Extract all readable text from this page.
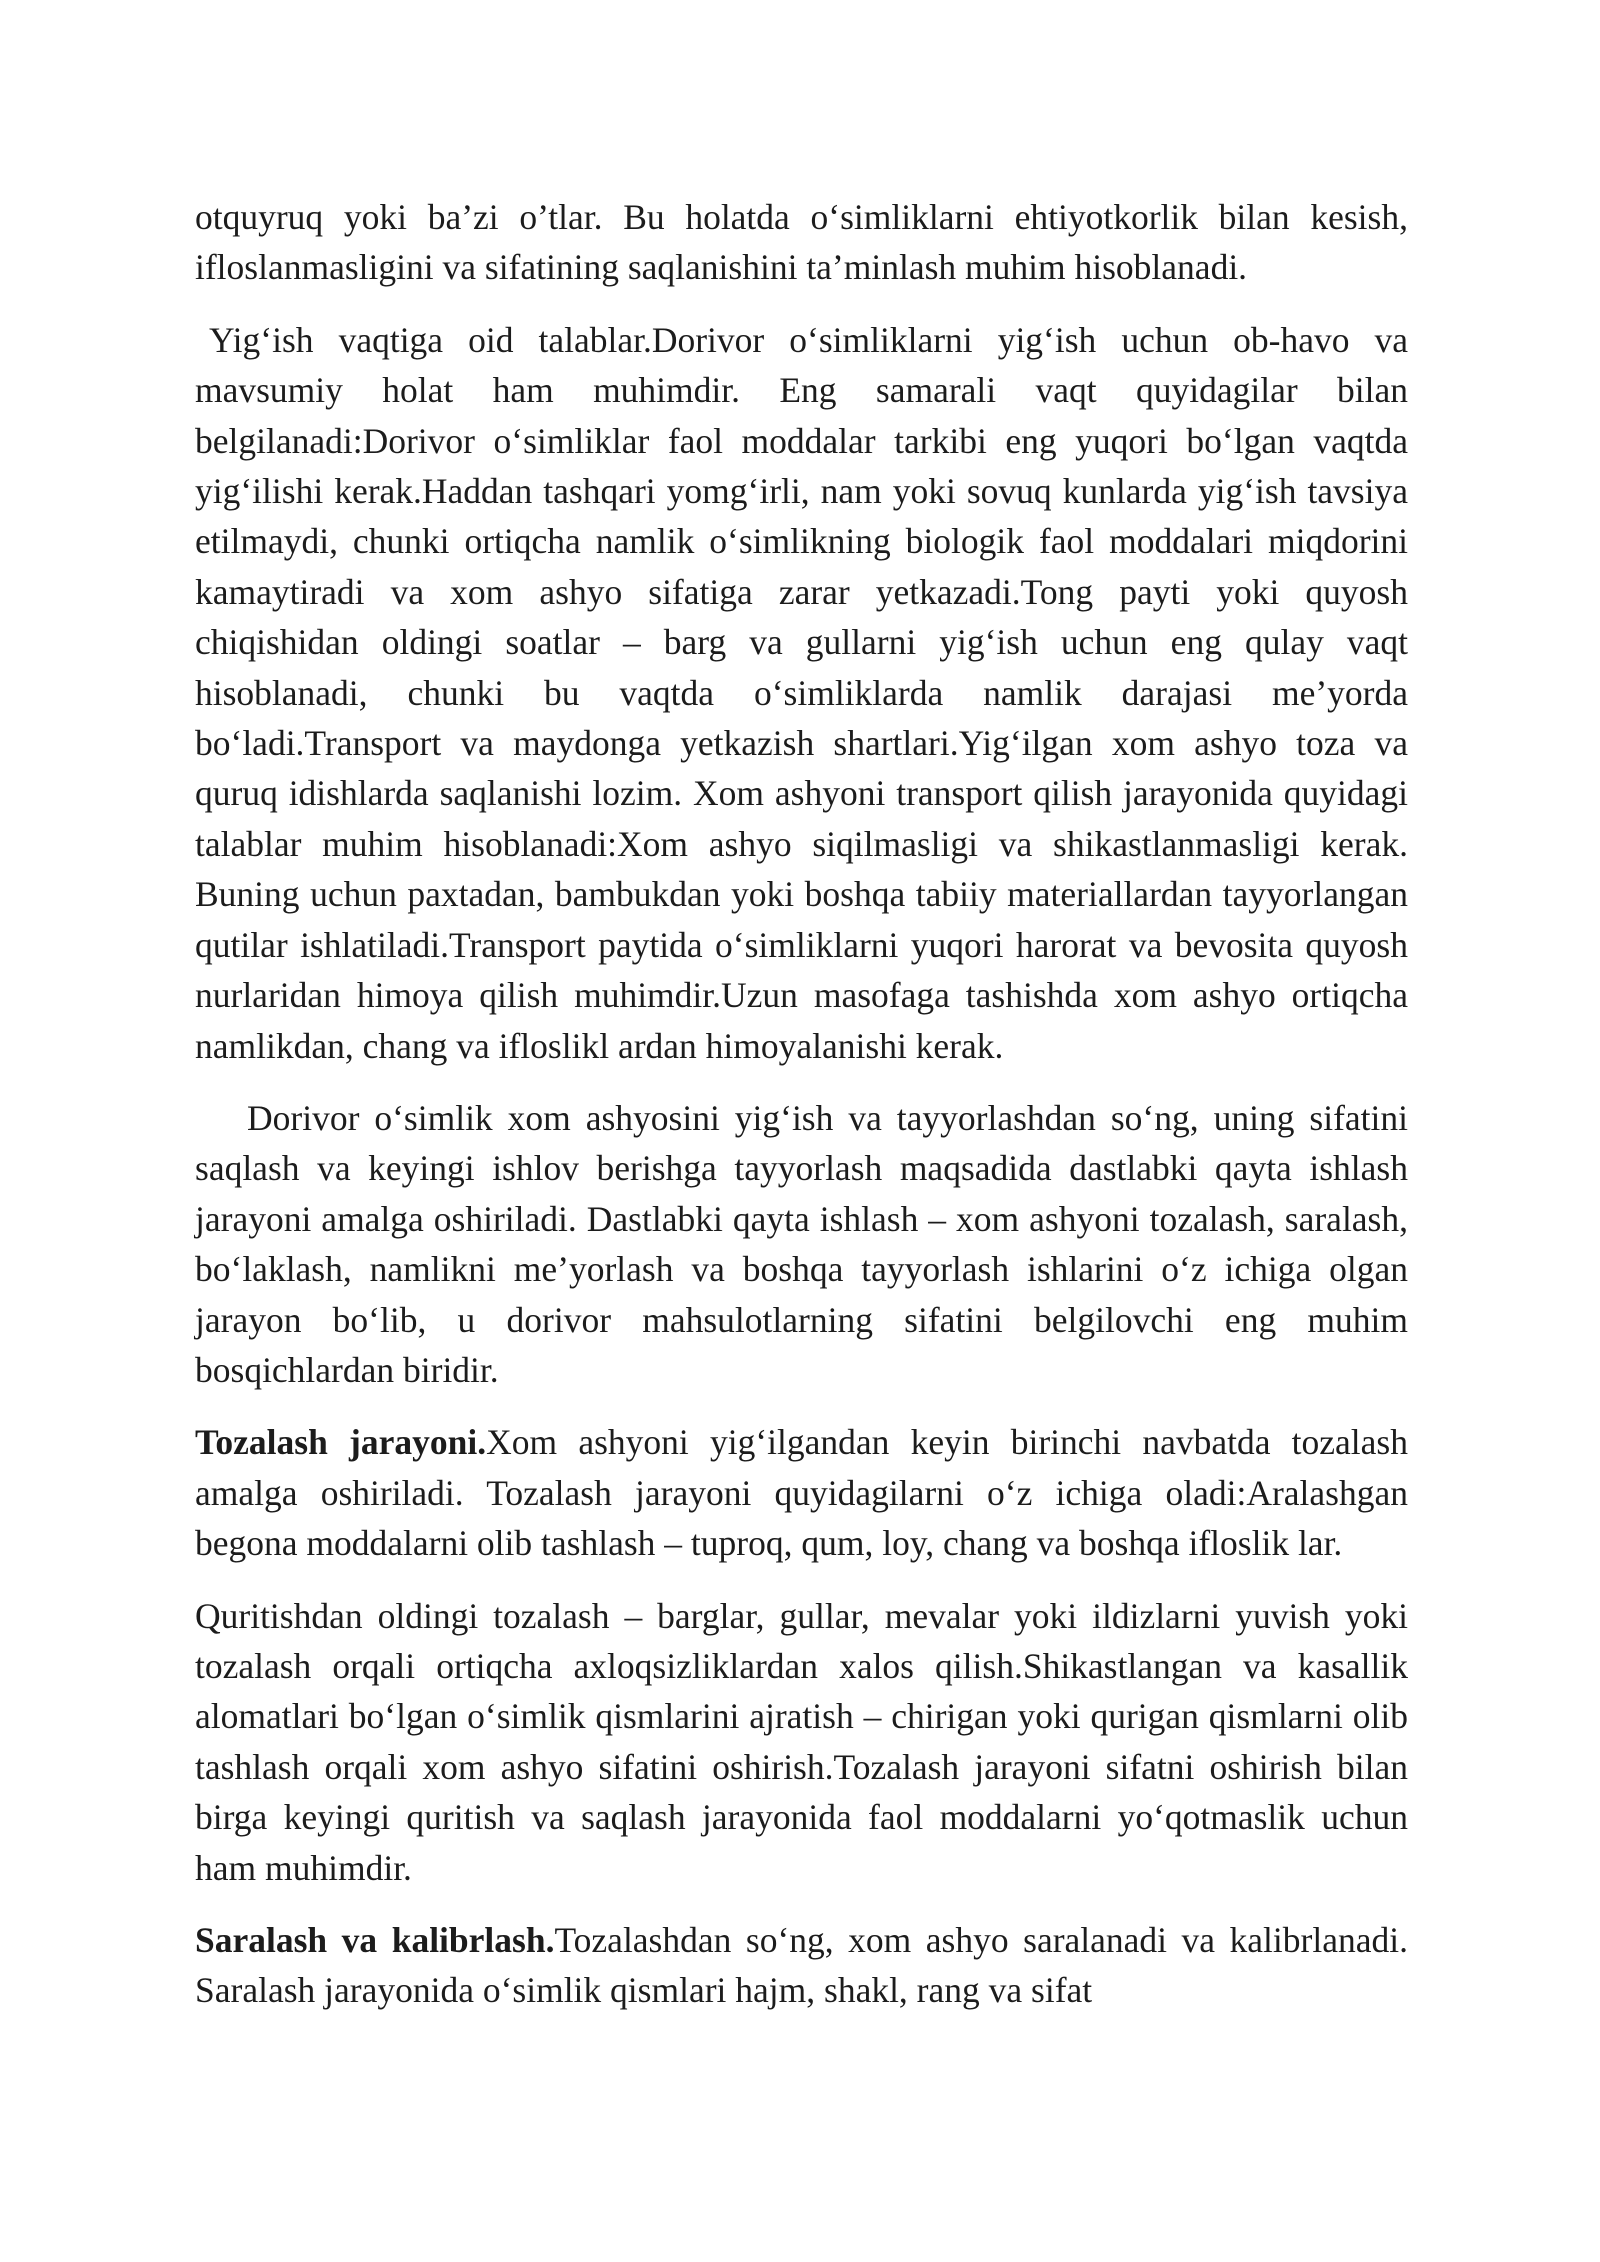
otquyruq yoki ba’zi o’tlar. Bu holatda o‘simliklarni ehtiyotkorlik bilan kesish, ifloslanmasligini va sifatining saqlanishini ta’minlash muhim hisoblanadi.

Yig‘ish vaqtiga oid talablar.Dorivor o‘simliklarni yig‘ish uchun ob-havo va mavsumiy holat ham muhimdir. Eng samarali vaqt quyidagilar bilan belgilanadi:Dorivor o‘simliklar faol moddalar tarkibi eng yuqori bo‘lgan vaqtda yig‘ilishi kerak.Haddan tashqari yomg‘irli, nam yoki sovuq kunlarda yig‘ish tavsiya etilmaydi, chunki ortiqcha namlik o‘simlikning biologik faol moddalari miqdorini kamaytiradi va xom ashyo sifatiga zarar yetkazadi.Tong payti yoki quyosh chiqishidan oldingi soatlar – barg va gullarni yig‘ish uchun eng qulay vaqt hisoblanadi, chunki bu vaqtda o‘simliklarda namlik darajasi me’yorda bo‘ladi.Transport va maydonga yetkazish shartlari.Yig‘ilgan xom ashyo toza va quruq idishlarda saqlanishi lozim. Xom ashyoni transport qilish jarayonida quyidagi talablar muhim hisoblanadi:Xom ashyo siqilmasligi va shikastlanmasligi kerak. Buning uchun paxtadan, bambukdan yoki boshqa tabiiy materiallardan tayyorlangan qutilar ishlatiladi.Transport paytida o‘simliklarni yuqori harorat va bevosita quyosh nurlaridan himoya qilish muhimdir.Uzun masofaga tashishda xom ashyo ortiqcha namlikdan, chang va ifloslikl ardan himoyalanishi kerak.

Dorivor o‘simlik xom ashyosini yig‘ish va tayyorlashdan so‘ng, uning sifatini saqlash va keyingi ishlov berishga tayyorlash maqsadida dastlabki qayta ishlash jarayoni amalga oshiriladi. Dastlabki qayta ishlash – xom ashyoni tozalash, saralash, bo‘laklash, namlikni me’yorlash va boshqa tayyorlash ishlarini o‘z ichiga olgan jarayon bo‘lib, u dorivor mahsulotlarning sifatini belgilovchi eng muhim bosqichlardan biridir.

Tozalash jarayoni.Xom ashyoni yig‘ilgandan keyin birinchi navbatda tozalash amalga oshiriladi. Tozalash jarayoni quyidagilarni o‘z ichiga oladi:Aralashgan begona moddalarni olib tashlash – tuproq, qum, loy, chang va boshqa ifloslik lar.

Quritishdan oldingi tozalash – barglar, gullar, mevalar yoki ildizlarni yuvish yoki tozalash orqali ortiqcha axloqsizliklardan xalos qilish.Shikastlangan va kasallik alomatlari bo‘lgan o‘simlik qismlarini ajratish – chirigan yoki qurigan qismlarni olib tashlash orqali xom ashyo sifatini oshirish.Tozalash jarayoni sifatni oshirish bilan birga keyingi quritish va saqlash jarayonida faol moddalarni yo‘qotmaslik uchun ham muhimdir.

Saralash va kalibrlash.Tozalashdan so‘ng, xom ashyo saralanadi va kalibrlanadi. Saralash jarayonida o‘simlik qismlari hajm, shakl, rang va sifat
